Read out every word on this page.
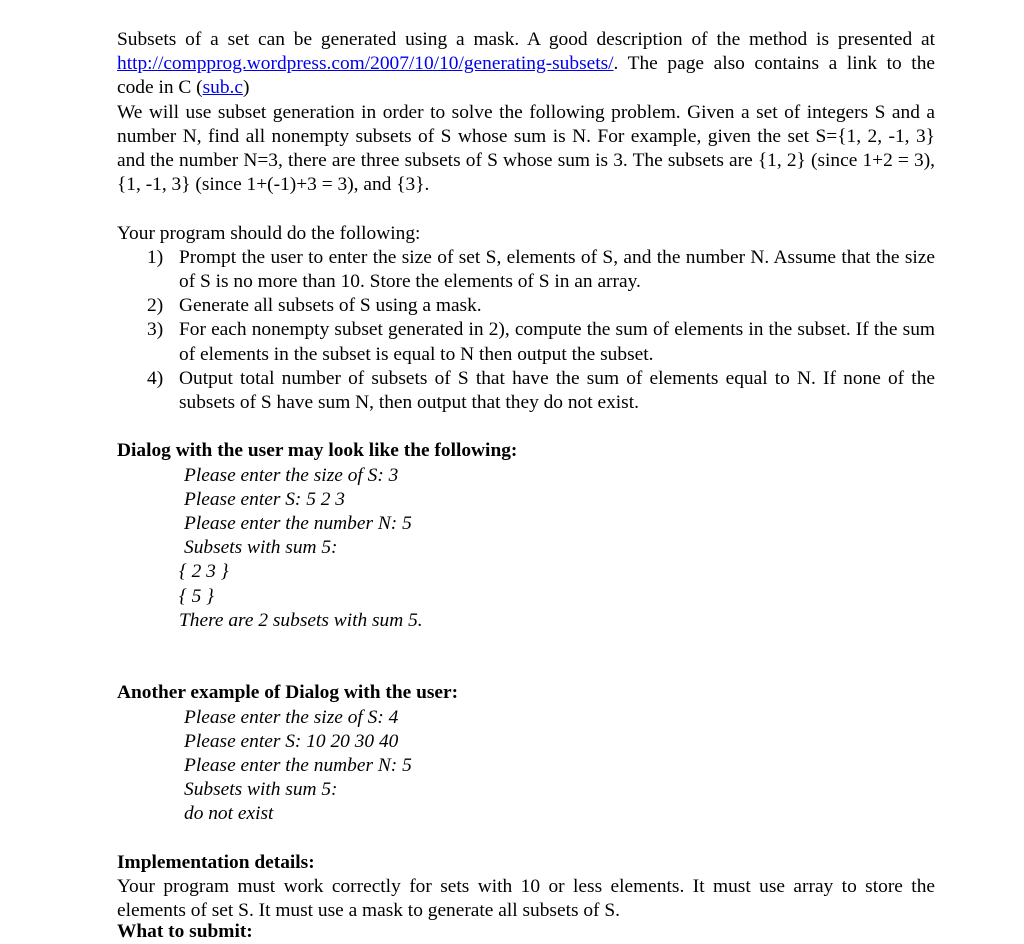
Subsets of a set can be generated using a mask. A good description of the method is presented at http://compprog.wordpress.com/2007/10/10/generating-subsets/. The page also contains a link to the code in C (sub.c)

We will use subset generation in order to solve the following problem. Given a set of integers S and a number N, find all nonempty subsets of S whose sum is N. For example, given the set S={1, 2, -1, 3} and the number N=3, there are three subsets of S whose sum is 3. The subsets are {1, 2} (since 1+2 = 3), {1, -1, 3} (since 1+(-1)+3 = 3), and {3}.

Your program should do the following:

1) Prompt the user to enter the size of set S, elements of S, and the number N. Assume that the size of S is no more than 10. Store the elements of S in an array.
2) Generate all subsets of S using a mask.
3) For each nonempty subset generated in 2), compute the sum of elements in the subset. If the sum of elements in the subset is equal to N then output the subset.
4) Output total number of subsets of S that have the sum of elements equal to N. If none of the subsets of S have sum N, then output that they do not exist.

Dialog with the user may look like the following:

Please enter the size of S: 3
Please enter S: 5 2 3
Please enter the number N: 5
Subsets with sum 5:
{ 2 3 }
{ 5 }
There are 2 subsets with sum 5.

Another example of Dialog with the user:

Please enter the size of S: 4
Please enter S: 10 20 30 40
Please enter the number N: 5
Subsets with sum 5:
do not exist

Implementation details:

Your program must work correctly for sets with 10 or less elements. It must use array to store the elements of set S. It must use a mask to generate all subsets of S.

What to submit:
